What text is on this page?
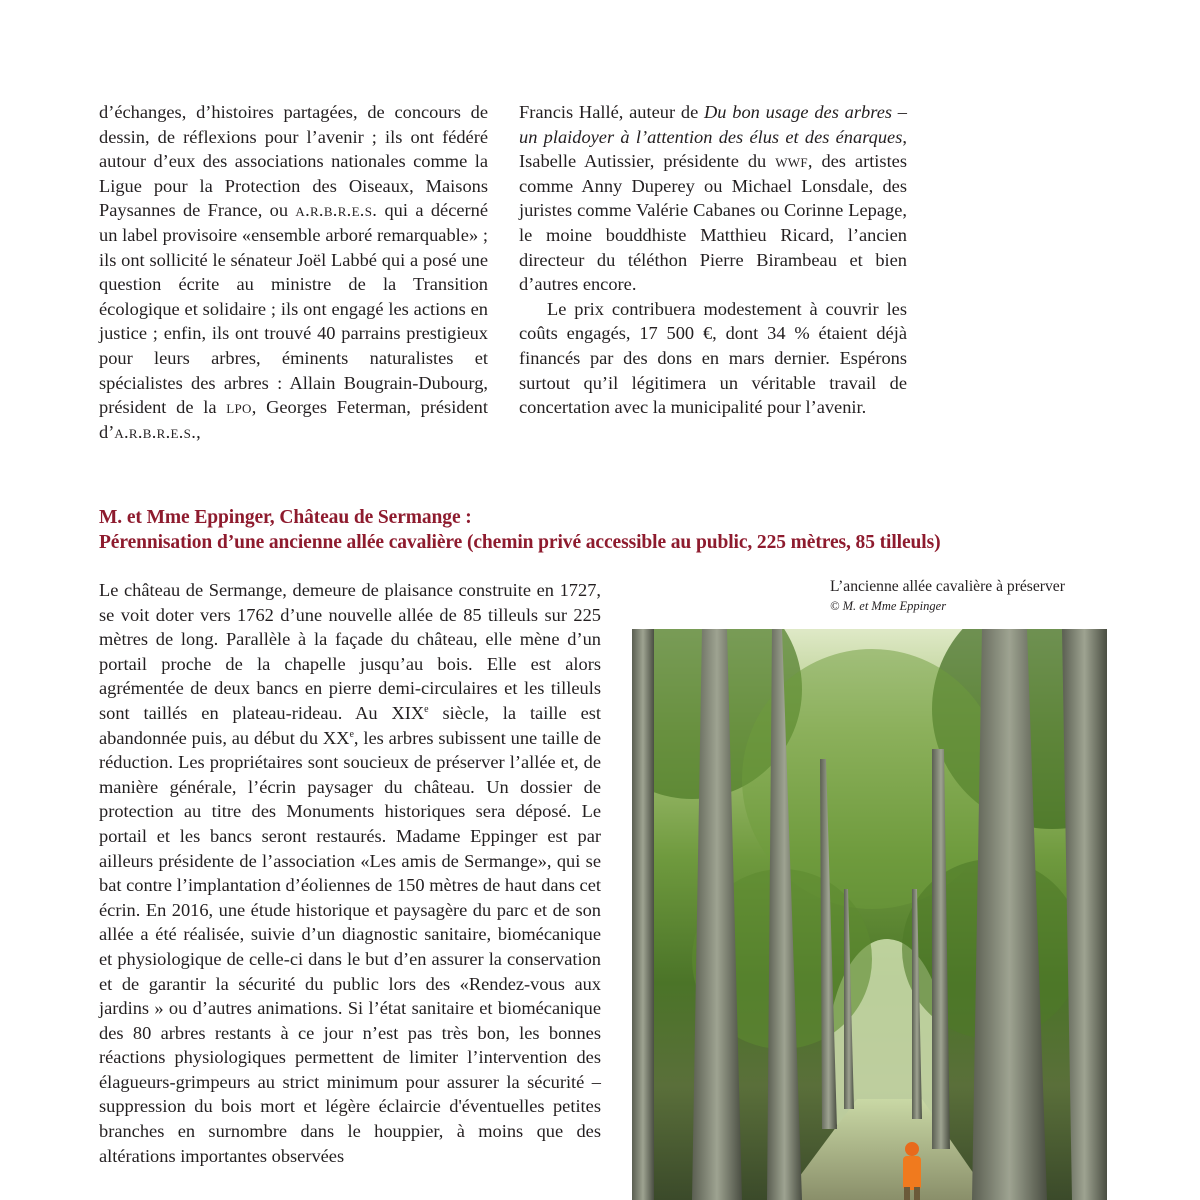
d’échanges, d’histoires partagées, de concours de dessin, de réflexions pour l’avenir ; ils ont fédéré autour d’eux des associations nationales comme la Ligue pour la Protection des Oiseaux, Maisons Paysannes de France, ou a.r.b.r.e.s. qui a décerné un label provisoire «ensemble arboré remarquable» ; ils ont sollicité le sénateur Joël Labbé qui a posé une question écrite au ministre de la Transition écologique et solidaire ; ils ont engagé les actions en justice ; enfin, ils ont trouvé 40 parrains prestigieux pour leurs arbres, éminents naturalistes et spécialistes des arbres : Allain Bougrain-Dubourg, président de la lpo, Georges Feterman, président d’a.r.b.r.e.s.,

Francis Hallé, auteur de Du bon usage des arbres – un plaidoyer à l’attention des élus et des énarques, Isabelle Autissier, présidente du wwf, des artistes comme Anny Duperey ou Michael Lonsdale, des juristes comme Valérie Cabanes ou Corinne Lepage, le moine bouddhiste Matthieu Ricard, l’ancien directeur du téléthon Pierre Birambeau et bien d’autres encore.

Le prix contribuera modestement à couvrir les coûts engagés, 17 500 €, dont 34 % étaient déjà financés par des dons en mars dernier. Espérons surtout qu’il légitimera un véritable travail de concertation avec la municipalité pour l’avenir.

M. et Mme Eppinger, Château de Sermange :
Pérennisation d’une ancienne allée cavalière (chemin privé accessible au public, 225 mètres, 85 tilleuls)

Le château de Sermange, demeure de plaisance construite en 1727, se voit doter vers 1762 d’une nouvelle allée de 85 tilleuls sur 225 mètres de long. Parallèle à la façade du château, elle mène d’un portail proche de la chapelle jusqu’au bois. Elle est alors agrémentée de deux bancs en pierre demi-circulaires et les tilleuls sont taillés en plateau-rideau. Au XIXe siècle, la taille est abandonnée puis, au début du XXe, les arbres subissent une taille de réduction. Les propriétaires sont soucieux de préserver l’allée et, de manière générale, l’écrin paysager du château. Un dossier de protection au titre des Monuments historiques sera déposé. Le portail et les bancs seront restaurés. Madame Eppinger est par ailleurs présidente de l’association «Les amis de Sermange», qui se bat contre l’implantation d’éoliennes de 150 mètres de haut dans cet écrin. En 2016, une étude historique et paysagère du parc et de son allée a été réalisée, suivie d’un diagnostic sanitaire, biomécanique et physiologique de celle-ci dans le but d’en assurer la conservation et de garantir la sécurité du public lors des «Rendez-vous aux jardins » ou d’autres animations. Si l’état sanitaire et biomécanique des 80 arbres restants à ce jour n’est pas très bon, les bonnes réactions physiologiques permettent de limiter l’intervention des élagueurs-grimpeurs au strict minimum pour assurer la sécurité – suppression du bois mort et légère éclaircie d'éventuelles petites branches en surnombre dans le houppier, à moins que des altérations importantes observées

L’ancienne allée cavalière à préserver
© M. et Mme Eppinger
